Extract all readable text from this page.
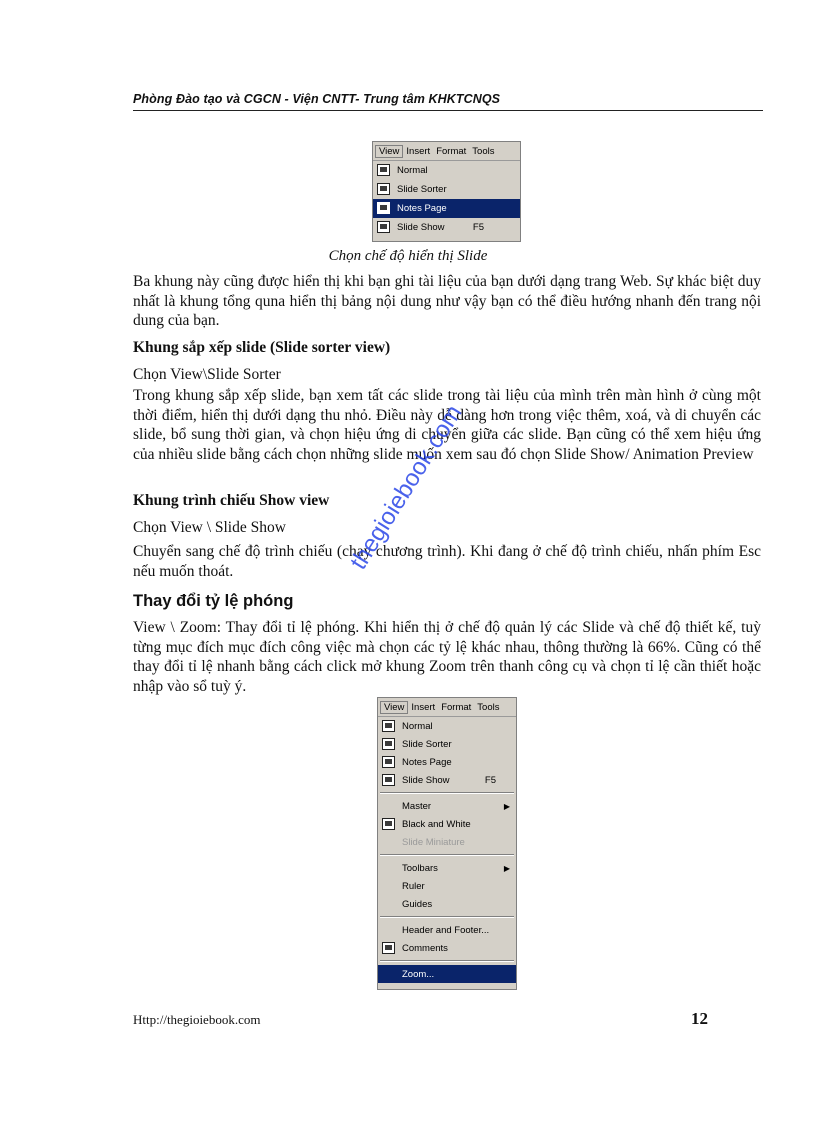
Phòng Đào tạo và CGCN - Viện CNTT- Trung tâm KHKTCNQS
View Insert Format Tools
Normal
Slide Sorter
Notes Page
Slide Show	F5
Chọn chế độ hiển thị Slide

Ba khung này cũng được hiển thị khi bạn ghi tài liệu của bạn dưới dạng trang Web. Sự khác biệt duy nhất là khung tổng quna hiển thị bảng nội dung như vậy bạn có thể điều hướng nhanh đến trang nội dung của bạn.

Khung sắp xếp slide (Slide sorter view)

Chọn View\Slide Sorter

Trong khung sắp xếp slide, bạn xem tất các slide trong tài liệu của mình trên màn hình ở cùng một thời điểm, hiển thị dưới dạng thu nhỏ. Điều này dễ dàng hơn trong việc thêm, xoá, và di chuyển các slide, bổ sung thời gian, và chọn hiệu ứng di chuyển giữa các slide. Bạn cũng có thể xem hiệu ứng của nhiều slide bằng cách chọn những slide muốn xem sau đó chọn Slide Show/ Animation Preview

Khung trình chiếu Show view

Chọn View \ Slide Show

Chuyển sang chế độ trình chiếu (chạy chương trình). Khi đang ở chế độ trình chiếu, nhấn phím Esc nếu muốn thoát.

Thay đổi tỷ lệ phóng

View \ Zoom: Thay đổi tỉ lệ phóng. Khi hiển thị ở chế độ quản lý các Slide và chế độ thiết kế, tuỳ từng mục đích mục đích công việc mà chọn các tỷ lệ khác nhau, thông thường là 66%. Cũng có thể thay đổi tỉ lệ nhanh bằng cách click mở khung Zoom trên thanh công cụ và chọn tỉ lệ cần thiết hoặc nhập vào sổ tuỳ ý.

View Insert Format Tools
Normal
Slide Sorter
Notes Page
Slide Show	F5
Master	▶
Black and White
Slide Miniature
Toolbars	▶
Ruler
Guides
Header and Footer...
Comments
Zoom...
thegioiebook.com
Http://thegioiebook.com	12
